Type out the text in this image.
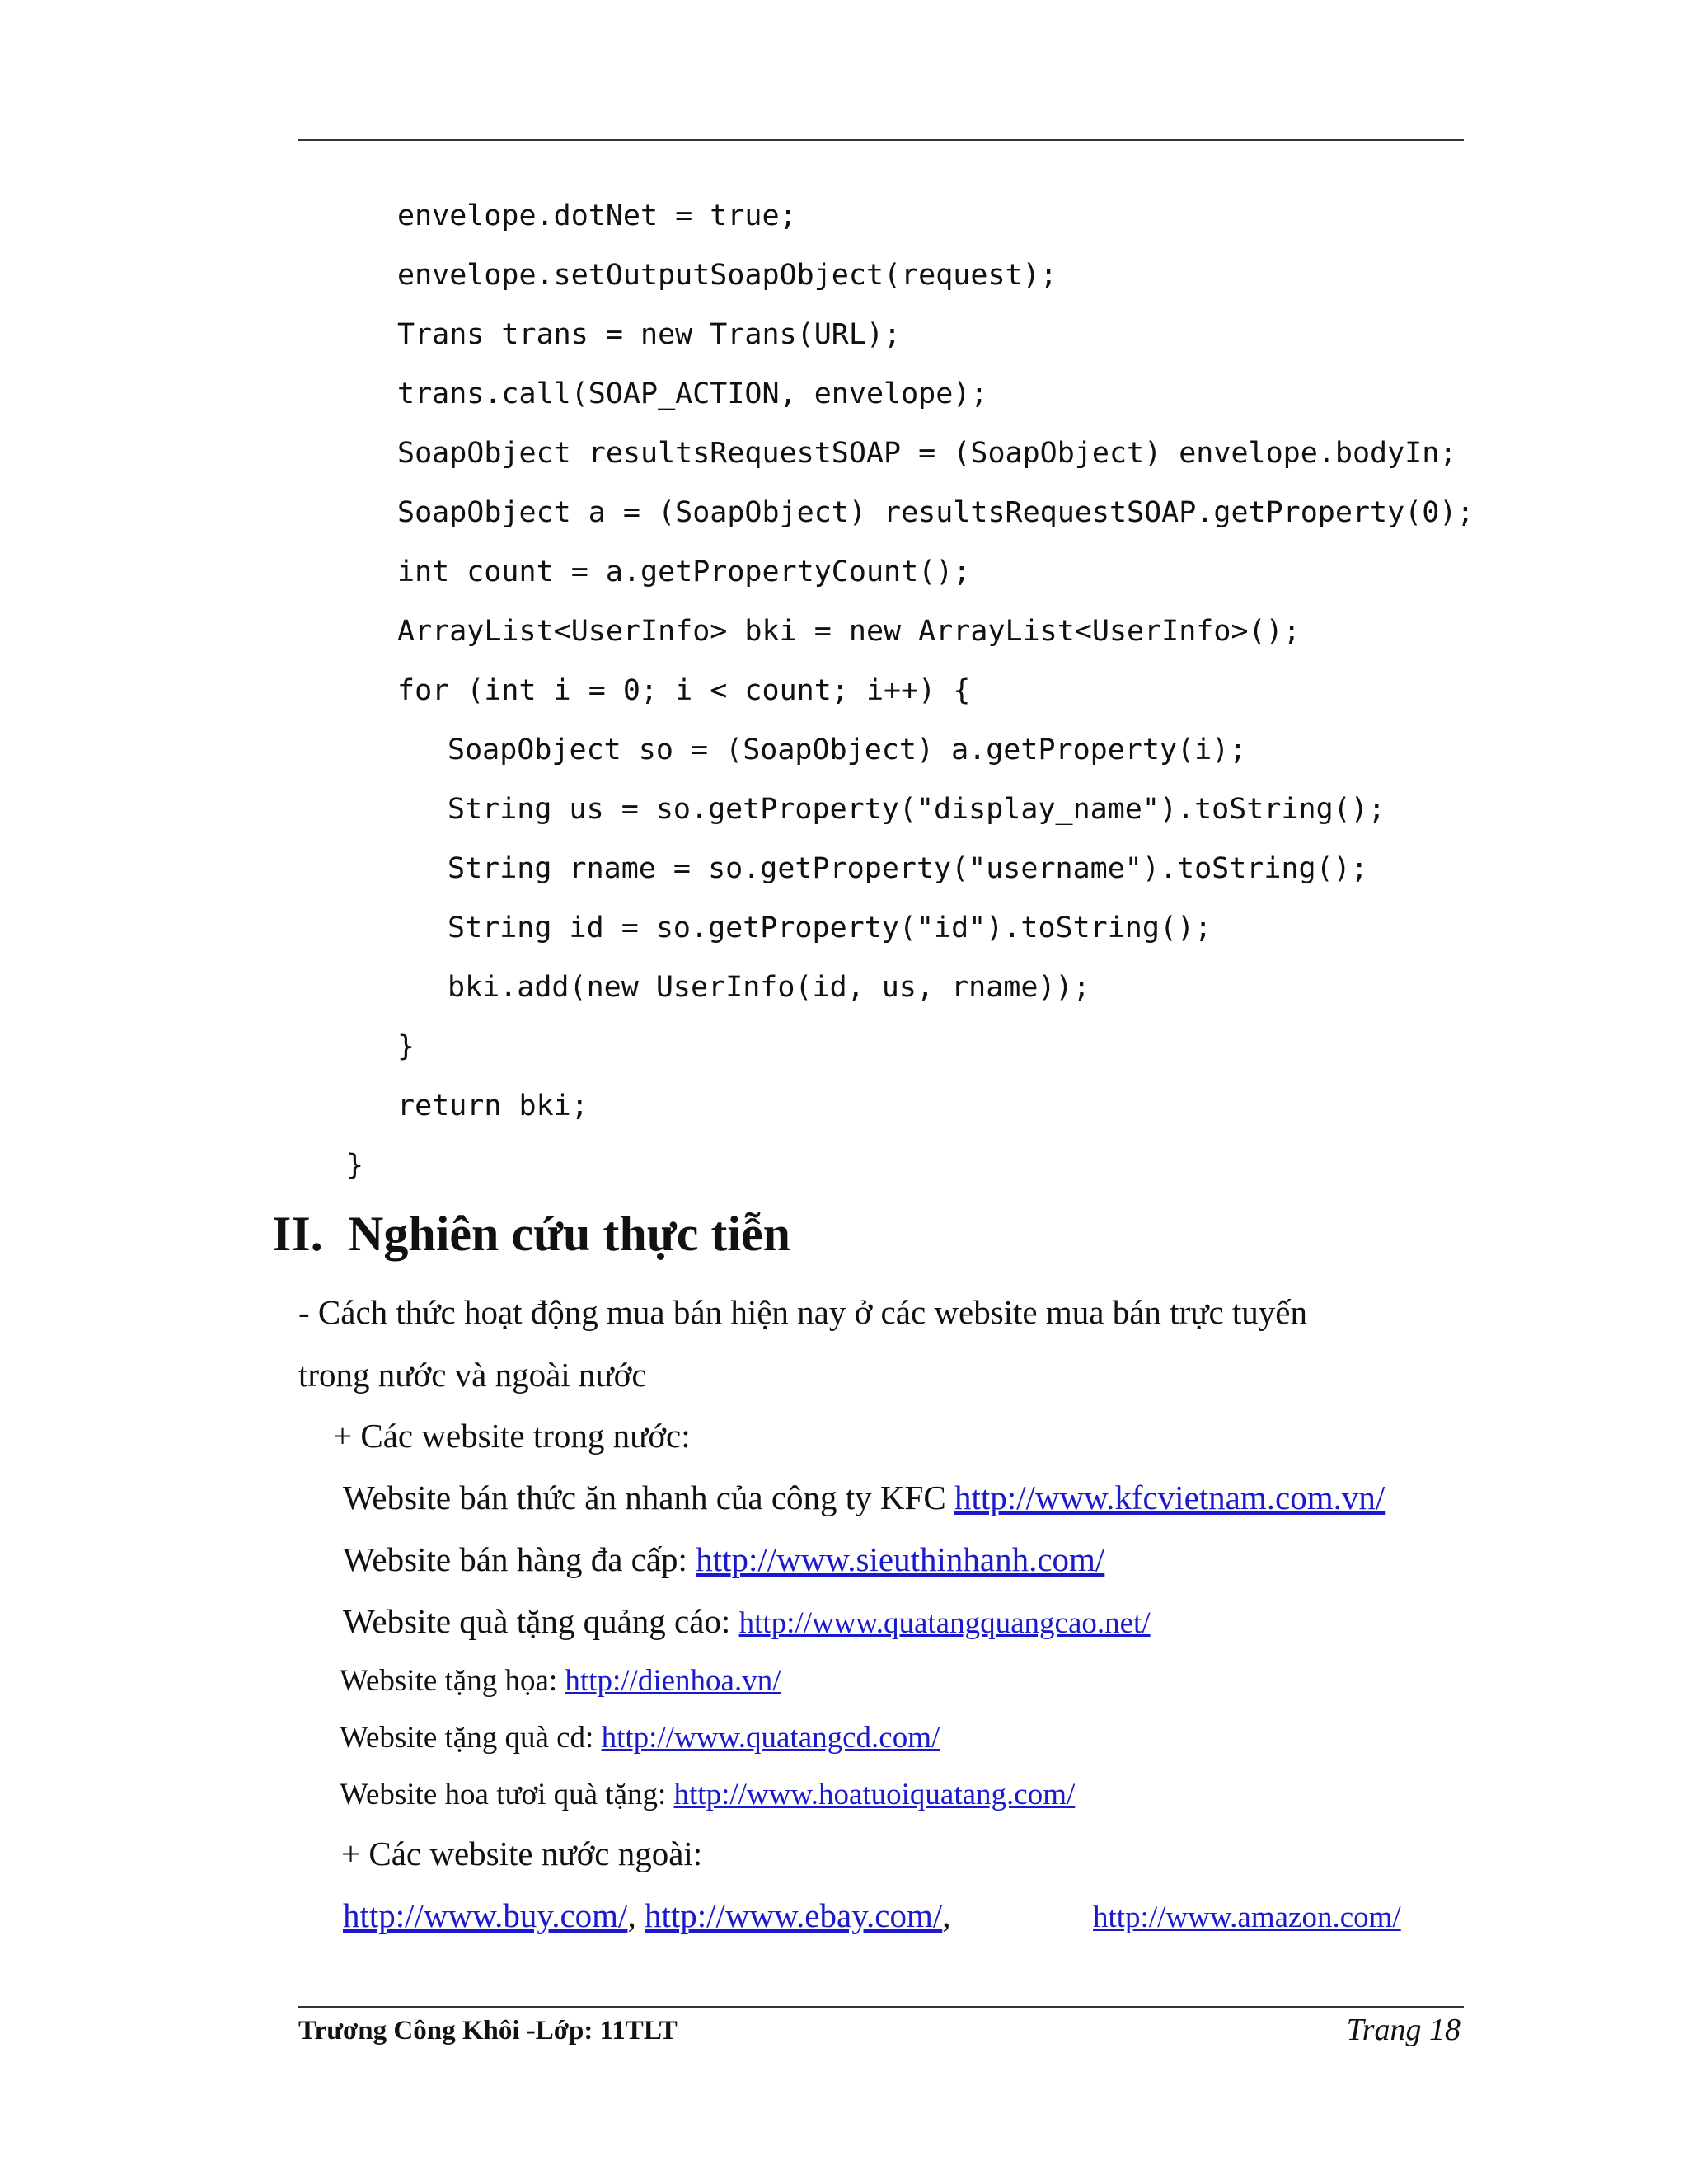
envelope.dotNet = true;
envelope.setOutputSoapObject(request);
Trans trans = new Trans(URL);
trans.call(SOAP_ACTION, envelope);
SoapObject resultsRequestSOAP = (SoapObject) envelope.bodyIn;
SoapObject a = (SoapObject) resultsRequestSOAP.getProperty(0);
int count = a.getPropertyCount();
ArrayList<UserInfo> bki = new ArrayList<UserInfo>();
for (int i = 0; i < count; i++) {
SoapObject so = (SoapObject) a.getProperty(i);
String us = so.getProperty("display_name").toString();
String rname = so.getProperty("username").toString();
String id = so.getProperty("id").toString();
bki.add(new UserInfo(id, us, rname));
}
return bki;
}
II. Nghiên cứu thực tiễn
- Cách thức hoạt động mua bán hiện nay ở các website mua bán trực tuyến
trong nước và ngoài nước
+ Các website trong nước:
Website bán thức ăn nhanh của công ty KFC http://www.kfcvietnam.com.vn/
Website bán hàng đa cấp: http://www.sieuthinhanh.com/
Website quà tặng quảng cáo: http://www.quatangquangcao.net/
Website tặng họa: http://dienhoa.vn/
Website tặng quà cd: http://www.quatangcd.com/
Website hoa tươi quà tặng: http://www.hoatuoiquatang.com/
+ Các website nước ngoài:
http://www.buy.com/, http://www.ebay.com/,	http://www.amazon.com/
Trương Công Khôi -Lớp: 11TLT	Trang 18
